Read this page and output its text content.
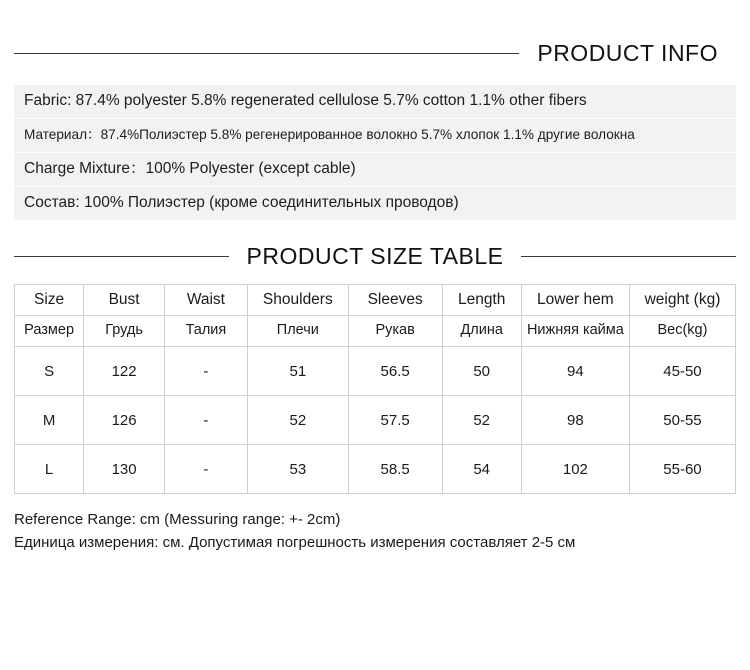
PRODUCT INFO
Fabric: 87.4% polyester 5.8% regenerated cellulose 5.7% cotton 1.1% other fibers
Материал：87.4%Полиэстер 5.8% регенерированное волокно 5.7% хлопок 1.1% другие волокна
Charge Mixture：100% Polyester (except cable)
Состав: 100% Полиэстер (кроме соединительных проводов)
PRODUCT SIZE TABLE
Size	Bust	Waist	Shoulders	Sleeves	Length	Lower hem	weight (kg)
Размер	Грудь	Талия	Плечи	Рукав	Длина	Нижняя кайма	Вес(kg)
S	122	-	51	56.5	50	94	45-50
M	126	-	52	57.5	52	98	50-55
L	130	-	53	58.5	54	102	55-60
Reference Range: cm (Messuring range: +- 2cm)
Единица измерения: см. Допустимая погрешность измерения составляет 2-5 см
